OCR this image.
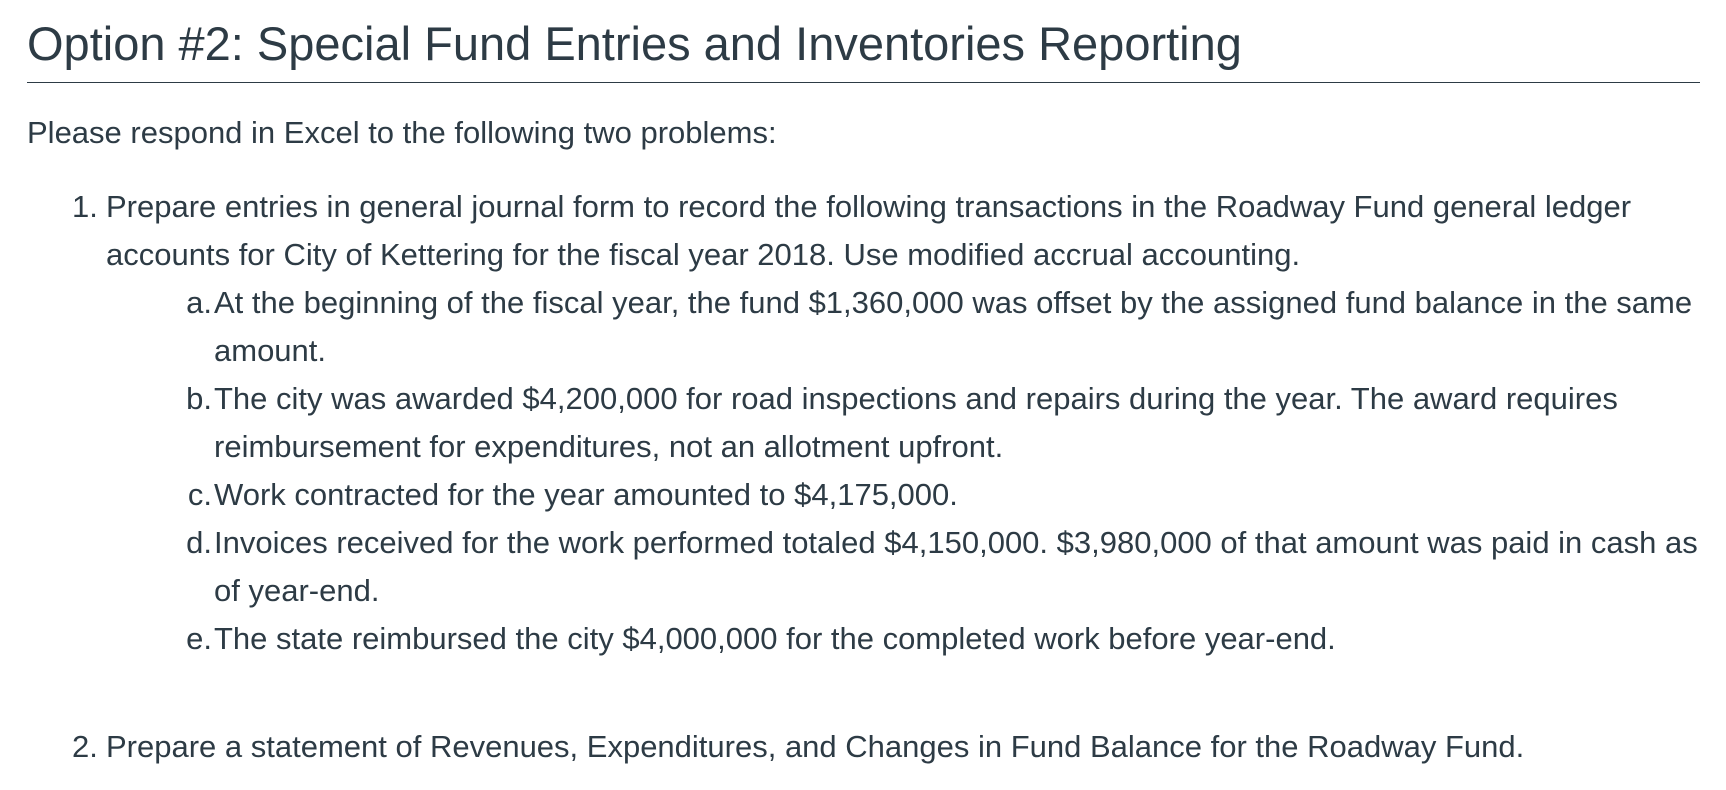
Option #2: Special Fund Entries and Inventories Reporting

Please respond in Excel to the following two problems:

1. Prepare entries in general journal form to record the following transactions in the Roadway Fund general ledger accounts for City of Kettering for the fiscal year 2018. Use modified accrual accounting.
a. At the beginning of the fiscal year, the fund $1,360,000 was offset by the assigned fund balance in the same amount.
b. The city was awarded $4,200,000 for road inspections and repairs during the year. The award requires reimbursement for expenditures, not an allotment upfront.
c. Work contracted for the year amounted to $4,175,000.
d. Invoices received for the work performed totaled $4,150,000. $3,980,000 of that amount was paid in cash as of year-end.
e. The state reimbursed the city $4,000,000 for the completed work before year-end.
2. Prepare a statement of Revenues, Expenditures, and Changes in Fund Balance for the Roadway Fund.
